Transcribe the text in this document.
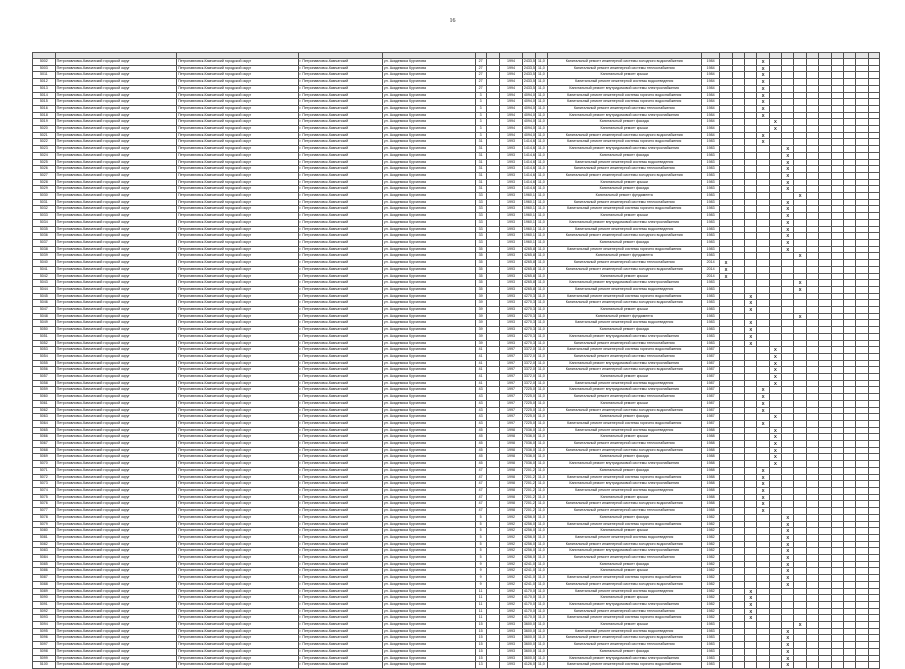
16

5002	Петропавловск-Камчатский городской округ	Петропавловск-Камчатский городской округ	г. Петропавловск-Камчатский	ул. Академика Курчатова	27		1994	2433,5	11,0	Капитальный ремонт инженерной системы холодного водоснабжения	1984				X									
5003	Петропавловск-Камчатский городской округ	Петропавловск-Камчатский городской округ	г. Петропавловск-Камчатский	ул. Академика Курчатова	27		1994	2433,5	11,0	Капитальный ремонт инженерной системы теплоснабжения	1984				X									
5011	Петропавловск-Камчатский городской округ	Петропавловск-Камчатский городской округ	г. Петропавловск-Камчатский	ул. Академика Курчатова	27		1994	2433,5	11,0	Капитальный ремонт крыши	1984				X									
5012	Петропавловск-Камчатский городской округ	Петропавловск-Камчатский городской округ	г. Петропавловск-Камчатский	ул. Академика Курчатова	27		1994	2433,5	11,0	Капитальный ремонт инженерной системы водоотведения	1984				X									
5013	Петропавловск-Камчатский городской округ	Петропавловск-Камчатский городской округ	г. Петропавловск-Камчатский	ул. Академика Курчатова	27		1994	2433,5	11,0	Капитальный ремонт внутридомовой системы электроснабжения	1984				X									
5014	Петропавловск-Камчатский городской округ	Петропавловск-Камчатский городской округ	г. Петропавловск-Камчатский	ул. Академика Курчатова	3		1994	4094,0	11,0	Капитальный ремонт инженерной системы горячего водоснабжения	1984				X									
5015	Петропавловск-Камчатский городской округ	Петропавловск-Камчатский городской округ	г. Петропавловск-Камчатский	ул. Академика Курчатова	3		1994	4094,0	11,0	Капитальный ремонт инженерной системы горячего водоснабжения	1984				X									
5016	Петропавловск-Камчатский городской округ	Петропавловск-Камчатский городской округ	г. Петропавловск-Камчатский	ул. Академика Курчатова	3		1994	4094,0	11,0	Капитальный ремонт инженерной системы теплоснабжения	1984				X									
5018	Петропавловск-Камчатский городской округ	Петропавловск-Камчатский городской округ	г. Петропавловск-Камчатский	ул. Академика Курчатова	3		1994	4094,0	11,0	Капитальный ремонт внутридомовой системы электроснабжения	1984				X									
5019	Петропавловск-Камчатский городской округ	Петропавловск-Камчатский городской округ	г. Петропавловск-Камчатский	ул. Академика Курчатова	3		1994	4094,0	11,0	Капитальный ремонт фасада	1984					X								
5020	Петропавловск-Камчатский городской округ	Петропавловск-Камчатский городской округ	г. Петропавловск-Камчатский	ул. Академика Курчатова	3		1994	4094,0	11,0	Капитальный ремонт крыши	1984					X								
5021	Петропавловск-Камчатский городской округ	Петропавловск-Камчатский городской округ	г. Петропавловск-Камчатский	ул. Академика Курчатова	3		1994	4094,0	11,0	Капитальный ремонт инженерной системы холодного водоснабжения	1984				X									
5022	Петропавловск-Камчатский городской округ	Петропавловск-Камчатский городской округ	г. Петропавловск-Камчатский	ул. Академика Курчатова	31		1993	1414,6	11,0	Капитальный ремонт инженерной системы горячего водоснабжения	1983				X									
5023	Петропавловск-Камчатский городской округ	Петропавловск-Камчатский городской округ	г. Петропавловск-Камчатский	ул. Академика Курчатова	31		1993	1414,6	11,0	Капитальный ремонт внутридомовой системы электроснабжения	1983						X							
5024	Петропавловск-Камчатский городской округ	Петропавловск-Камчатский городской округ	г. Петропавловск-Камчатский	ул. Академика Курчатова	31		1993	1414,6	11,0	Капитальный ремонт фасада	1983						X							
5025	Петропавловск-Камчатский городской округ	Петропавловск-Камчатский городской округ	г. Петропавловск-Камчатский	ул. Академика Курчатова	31		1993	1414,6	11,0	Капитальный ремонт инженерной системы водоотведения	1983						X							
5026	Петропавловск-Камчатский городской округ	Петропавловск-Камчатский городской округ	г. Петропавловск-Камчатский	ул. Академика Курчатова	31		1993	1414,6	11,0	Капитальный ремонт инженерной системы теплоснабжения	1983						X							
5027	Петропавловск-Камчатский городской округ	Петропавловск-Камчатский городской округ	г. Петропавловск-Камчатский	ул. Академика Курчатова	31		1993	1414,6	11,0	Капитальный ремонт инженерной системы холодного водоснабжения	1983						X							
5028	Петропавловск-Камчатский городской округ	Петропавловск-Камчатский городской округ	г. Петропавловск-Камчатский	ул. Академика Курчатова	31		1993	1414,6	11,0	Капитальный ремонт крыши	1983						X							
5029	Петропавловск-Камчатский городской округ	Петропавловск-Камчатский городской округ	г. Петропавловск-Камчатский	ул. Академика Курчатова	31		1993	1414,6	11,0	Капитальный ремонт фасада	1983						X							
5030	Петропавловск-Камчатский городской округ	Петропавловск-Камчатский городской округ	г. Петропавловск-Камчатский	ул. Академика Курчатова	33		1993	1960,1	11,0	Капитальный ремонт фундамента	1983							X						
5031	Петропавловск-Камчатский городской округ	Петропавловск-Камчатский городской округ	г. Петропавловск-Камчатский	ул. Академика Курчатова	33		1993	1960,1	11,0	Капитальный ремонт инженерной системы теплоснабжения	1983						X							
5032	Петропавловск-Камчатский городской округ	Петропавловск-Камчатский городской округ	г. Петропавловск-Камчатский	ул. Академика Курчатова	33		1993	1960,1	11,0	Капитальный ремонт инженерной системы горячего водоснабжения	1983						X							
5033	Петропавловск-Камчатский городской округ	Петропавловск-Камчатский городской округ	г. Петропавловск-Камчатский	ул. Академика Курчатова	33		1993	1960,1	11,0	Капитальный ремонт крыши	1983						X							
5034	Петропавловск-Камчатский городской округ	Петропавловск-Камчатский городской округ	г. Петропавловск-Камчатский	ул. Академика Курчатова	33		1993	1960,1	11,0	Капитальный ремонт внутридомовой системы электроснабжения	1983						X							
5035	Петропавловск-Камчатский городской округ	Петропавловск-Камчатский городской округ	г. Петропавловск-Камчатский	ул. Академика Курчатова	33		1993	1960,1	11,0	Капитальный ремонт инженерной системы водоотведения	1983						X							
5036	Петропавловск-Камчатский городской округ	Петропавловск-Камчатский городской округ	г. Петропавловск-Камчатский	ул. Академика Курчатова	33		1993	1960,1	11,0	Капитальный ремонт инженерной системы холодного водоснабжения	1983						X							
5037	Петропавловск-Камчатский городской округ	Петропавловск-Камчатский городской округ	г. Петропавловск-Камчатский	ул. Академика Курчатова	33		1993	1960,1	11,0	Капитальный ремонт фасада	1983						X							
5038	Петропавловск-Камчатский городской округ	Петропавловск-Камчатский городской округ	г. Петропавловск-Камчатский	ул. Академика Курчатова	35		1993	4265,8	11,0	Капитальный ремонт инженерной системы горячего водоснабжения	1983						X							
5039	Петропавловск-Камчатский городской округ	Петропавловск-Камчатский городской округ	г. Петропавловск-Камчатский	ул. Академика Курчатова	35		1993	4265,8	11,0	Капитальный ремонт фундамента	1983							X						
5040	Петропавловск-Камчатский городской округ	Петропавловск-Камчатский городской округ	г. Петропавловск-Камчатский	ул. Академика Курчатова	35		1993	4265,8	11,0	Капитальный ремонт инженерной системы теплоснабжения	2014	X												
5041	Петропавловск-Камчатский городской округ	Петропавловск-Камчатский городской округ	г. Петропавловск-Камчатский	ул. Академика Курчатова	35		1993	4265,8	11,0	Капитальный ремонт инженерной системы холодного водоснабжения	2014	X												
5042	Петропавловск-Камчатский городской округ	Петропавловск-Камчатский городской округ	г. Петропавловск-Камчатский	ул. Академика Курчатова	35		1993	4265,8	11,0	Капитальный ремонт крыши	2014	X												
5043	Петропавловск-Камчатский городской округ	Петропавловск-Камчатский городской округ	г. Петропавловск-Камчатский	ул. Академика Курчатова	35		1993	4265,8	11,0	Капитальный ремонт внутридомовой системы электроснабжения	1983							X						
5044	Петропавловск-Камчатский городской округ	Петропавловск-Камчатский городской округ	г. Петропавловск-Камчатский	ул. Академика Курчатова	35		1993	4265,8	11,0	Капитальный ремонт инженерной системы водоотведения	1983							X						
5045	Петропавловск-Камчатский городской округ	Петропавловск-Камчатский городской округ	г. Петропавловск-Камчатский	ул. Академика Курчатова	39		1993	4270,3	11,0	Капитальный ремонт инженерной системы горячего водоснабжения	1983			X										
5046	Петропавловск-Камчатский городской округ	Петропавловск-Камчатский городской округ	г. Петропавловск-Камчатский	ул. Академика Курчатова	39		1993	4270,3	11,0	Капитальный ремонт инженерной системы холодного водоснабжения	1983			X										
5047	Петропавловск-Камчатский городской округ	Петропавловск-Камчатский городской округ	г. Петропавловск-Камчатский	ул. Академика Курчатова	39		1993	4270,3	11,0	Капитальный ремонт крыши	1983			X										
5048	Петропавловск-Камчатский городской округ	Петропавловск-Камчатский городской округ	г. Петропавловск-Камчатский	ул. Академика Курчатова	39		1993	4270,3	11,0	Капитальный ремонт фундамента	1983							X						
5049	Петропавловск-Камчатский городской округ	Петропавловск-Камчатский городской округ	г. Петропавловск-Камчатский	ул. Академика Курчатова	39		1993	4270,3	11,0	Капитальный ремонт инженерной системы водоотведения	1983			X										
5050	Петропавловск-Камчатский городской округ	Петропавловск-Камчатский городской округ	г. Петропавловск-Камчатский	ул. Академика Курчатова	39		1993	4270,3	11,0	Капитальный ремонт фасада	1983			X										
5051	Петропавловск-Камчатский городской округ	Петропавловск-Камчатский городской округ	г. Петропавловск-Камчатский	ул. Академика Курчатова	39		1993	4270,3	11,0	Капитальный ремонт внутридомовой системы электроснабжения	1983			X										
5052	Петропавловск-Камчатский городской округ	Петропавловск-Камчатский городской округ	г. Петропавловск-Камчатский	ул. Академика Курчатова	39		1993	4270,3	11,0	Капитальный ремонт инженерной системы теплоснабжения	1983			X										
5053	Петропавловск-Камчатский городской округ	Петропавловск-Камчатский городской округ	г. Петропавловск-Камчатский	ул. Академика Курчатова	41		1997	3372,0	11,0	Капитальный ремонт инженерной системы горячего водоснабжения	1987					X								
5054	Петропавловск-Камчатский городской округ	Петропавловск-Камчатский городской округ	г. Петропавловск-Камчатский	ул. Академика Курчатова	41		1997	3372,0	11,0	Капитальный ремонт инженерной системы теплоснабжения	1987					X								
5055	Петропавловск-Камчатский городской округ	Петропавловск-Камчатский городской округ	г. Петропавловск-Камчатский	ул. Академика Курчатова	41		1997	3372,0	11,0	Капитальный ремонт внутридомовой системы электроснабжения	1987					X								
5056	Петропавловск-Камчатский городской округ	Петропавловск-Камчатский городской округ	г. Петропавловск-Камчатский	ул. Академика Курчатова	41		1997	3372,0	11,0	Капитальный ремонт инженерной системы холодного водоснабжения	1987					X								
5057	Петропавловск-Камчатский городской округ	Петропавловск-Камчатский городской округ	г. Петропавловск-Камчатский	ул. Академика Курчатова	41		1997	3372,0	11,0	Капитальный ремонт крыши	1987					X								
5058	Петропавловск-Камчатский городской округ	Петропавловск-Камчатский городской округ	г. Петропавловск-Камчатский	ул. Академика Курчатова	41		1997	3372,0	11,0	Капитальный ремонт инженерной системы водоотведения	1987					X								
5059	Петропавловск-Камчатский городской округ	Петропавловск-Камчатский городской округ	г. Петропавловск-Камчатский	ул. Академика Курчатова	43		1997	7225,0	11,0	Капитальный ремонт внутридомовой системы электроснабжения	1987				X									
5060	Петропавловск-Камчатский городской округ	Петропавловск-Камчатский городской округ	г. Петропавловск-Камчатский	ул. Академика Курчатова	43		1997	7225,0	11,0	Капитальный ремонт инженерной системы теплоснабжения	1987				X									
5061	Петропавловск-Камчатский городской округ	Петропавловск-Камчатский городской округ	г. Петропавловск-Камчатский	ул. Академика Курчатова	43		1997	7225,0	11,0	Капитальный ремонт крыши	1987				X									
5062	Петропавловск-Камчатский городской округ	Петропавловск-Камчатский городской округ	г. Петропавловск-Камчатский	ул. Академика Курчатова	43		1997	7225,0	11,0	Капитальный ремонт инженерной системы холодного водоснабжения	1987				X									
5063	Петропавловск-Камчатский городской округ	Петропавловск-Камчатский городской округ	г. Петропавловск-Камчатский	ул. Академика Курчатова	43		1997	7225,0	11,0	Капитальный ремонт фасада	1987					X								
5064	Петропавловск-Камчатский городской округ	Петропавловск-Камчатский городской округ	г. Петропавловск-Камчатский	ул. Академика Курчатова	43		1997	7225,0	11,0	Капитальный ремонт инженерной системы горячего водоснабжения	1987				X									
5065	Петропавловск-Камчатский городской округ	Петропавловск-Камчатский городской округ	г. Петропавловск-Камчатский	ул. Академика Курчатова	45		1998	7036,0	11,0	Капитальный ремонт инженерной системы водоотведения	1988					X								
5066	Петропавловск-Камчатский городской округ	Петропавловск-Камчатский городской округ	г. Петропавловск-Камчатский	ул. Академика Курчатова	45		1998	7036,0	11,0	Капитальный ремонт крыши	1988					X								
5067	Петропавловск-Камчатский городской округ	Петропавловск-Камчатский городской округ	г. Петропавловск-Камчатский	ул. Академика Курчатова	45		1998	7036,0	11,0	Капитальный ремонт инженерной системы теплоснабжения	1988					X								
5068	Петропавловск-Камчатский городской округ	Петропавловск-Камчатский городской округ	г. Петропавловск-Камчатский	ул. Академика Курчатова	45		1998	7036,0	11,0	Капитальный ремонт инженерной системы холодного водоснабжения	1988					X								
5069	Петропавловск-Камчатский городской округ	Петропавловск-Камчатский городской округ	г. Петропавловск-Камчатский	ул. Академика Курчатова	45		1998	7036,0	11,0	Капитальный ремонт фасада	1988					X								
5070	Петропавловск-Камчатский городской округ	Петропавловск-Камчатский городской округ	г. Петропавловск-Камчатский	ул. Академика Курчатова	45		1998	7036,0	11,0	Капитальный ремонт внутридомовой системы электроснабжения	1988					X								
5071	Петропавловск-Камчатский городской округ	Петропавловск-Камчатский городской округ	г. Петропавловск-Камчатский	ул. Академика Курчатова	47		1998	7201,2	11,0	Капитальный ремонт фасада	1988				X									
5072	Петропавловск-Камчатский городской округ	Петропавловск-Камчатский городской округ	г. Петропавловск-Камчатский	ул. Академика Курчатова	47		1998	7201,2	11,0	Капитальный ремонт инженерной системы горячего водоснабжения	1988				X									
5073	Петропавловск-Камчатский городской округ	Петропавловск-Камчатский городской округ	г. Петропавловск-Камчатский	ул. Академика Курчатова	47		1998	7201,2	11,0	Капитальный ремонт внутридомовой системы электроснабжения	1988				X									
5074	Петропавловск-Камчатский городской округ	Петропавловск-Камчатский городской округ	г. Петропавловск-Камчатский	ул. Академика Курчатова	47		1998	7201,2	11,0	Капитальный ремонт инженерной системы водоотведения	1988				X									
5075	Петропавловск-Камчатский городской округ	Петропавловск-Камчатский городской округ	г. Петропавловск-Камчатский	ул. Академика Курчатова	47		1998	7201,2	11,0	Капитальный ремонт крыши	1988				X									
5076	Петропавловск-Камчатский городской округ	Петропавловск-Камчатский городской округ	г. Петропавловск-Камчатский	ул. Академика Курчатова	47		1998	7201,2	11,0	Капитальный ремонт инженерной системы холодного водоснабжения	1988				X									
5077	Петропавловск-Камчатский городской округ	Петропавловск-Камчатский городской округ	г. Петропавловск-Камчатский	ул. Академика Курчатова	47		1998	7201,2	11,0	Капитальный ремонт инженерной системы теплоснабжения	1988				X									
5078	Петропавловск-Камчатский городской округ	Петропавловск-Камчатский городской округ	г. Петропавловск-Камчатский	ул. Академика Курчатова	5		1992	4256,0	11,0	Капитальный ремонт фасада	1982						X							
5079	Петропавловск-Камчатский городской округ	Петропавловск-Камчатский городской округ	г. Петропавловск-Камчатский	ул. Академика Курчатова	5		1992	4256,0	11,0	Капитальный ремонт инженерной системы горячего водоснабжения	1982						X							
5080	Петропавловск-Камчатский городской округ	Петропавловск-Камчатский городской округ	г. Петропавловск-Камчатский	ул. Академика Курчатова	5		1992	4256,0	11,0	Капитальный ремонт крыши	1982						X							
5081	Петропавловск-Камчатский городской округ	Петропавловск-Камчатский городской округ	г. Петропавловск-Камчатский	ул. Академика Курчатова	5		1992	4256,0	11,0	Капитальный ремонт инженерной системы водоотведения	1982						X							
5082	Петропавловск-Камчатский городской округ	Петропавловск-Камчатский городской округ	г. Петропавловск-Камчатский	ул. Академика Курчатова	5		1992	4256,0	11,0	Капитальный ремонт инженерной системы холодного водоснабжения	1982						X							
5083	Петропавловск-Камчатский городской округ	Петропавловск-Камчатский городской округ	г. Петропавловск-Камчатский	ул. Академика Курчатова	5		1992	4256,0	11,0	Капитальный ремонт внутридомовой системы электроснабжения	1982						X							
5084	Петропавловск-Камчатский городской округ	Петропавловск-Камчатский городской округ	г. Петропавловск-Камчатский	ул. Академика Курчатова	5		1992	4256,0	11,0	Капитальный ремонт инженерной системы теплоснабжения	1982						X							
5085	Петропавловск-Камчатский городской округ	Петропавловск-Камчатский городской округ	г. Петропавловск-Камчатский	ул. Академика Курчатова	9		1992	4241,0	11,0	Капитальный ремонт фасада	1982						X							
5086	Петропавловск-Камчатский городской округ	Петропавловск-Камчатский городской округ	г. Петропавловск-Камчатский	ул. Академика Курчатова	9		1992	4241,0	11,0	Капитальный ремонт крыши	1982						X							
5087	Петропавловск-Камчатский городской округ	Петропавловск-Камчатский городской округ	г. Петропавловск-Камчатский	ул. Академика Курчатова	9		1992	4241,0	11,0	Капитальный ремонт инженерной системы горячего водоснабжения	1982						X							
5088	Петропавловск-Камчатский городской округ	Петропавловск-Камчатский городской округ	г. Петропавловск-Камчатский	ул. Академика Курчатова	9		1992	4241,0	11,0	Капитальный ремонт инженерной системы холодного водоснабжения	1982						X							
5089	Петропавловск-Камчатский городской округ	Петропавловск-Камчатский городской округ	г. Петропавловск-Камчатский	ул. Академика Курчатова	11		1992	4170,0	11,0	Капитальный ремонт инженерной системы водоотведения	1982			X										
5090	Петропавловск-Камчатский городской округ	Петропавловск-Камчатский городской округ	г. Петропавловск-Камчатский	ул. Академика Курчатова	11		1992	4170,0	11,0	Капитальный ремонт крыши	1982			X										
5091	Петропавловск-Камчатский городской округ	Петропавловск-Камчатский городской округ	г. Петропавловск-Камчатский	ул. Академика Курчатова	11		1992	4170,0	11,0	Капитальный ремонт внутридомовой системы электроснабжения	1982			X										
5092	Петропавловск-Камчатский городской округ	Петропавловск-Камчатский городской округ	г. Петропавловск-Камчатский	ул. Академика Курчатова	11		1992	4170,0	11,0	Капитальный ремонт инженерной системы теплоснабжения	1982			X										
5093	Петропавловск-Камчатский городской округ	Петропавловск-Камчатский городской округ	г. Петропавловск-Камчатский	ул. Академика Курчатова	11		1992	4170,0	11,0	Капитальный ремонт инженерной системы горячего водоснабжения	1982			X										
5094	Петропавловск-Камчатский городской округ	Петропавловск-Камчатский городской округ	г. Петропавловск-Камчатский	ул. Академика Курчатова	15		1993	3600,0	11,0	Капитальный ремонт крыши	1983							X						
5095	Петропавловск-Камчатский городской округ	Петропавловск-Камчатский городской округ	г. Петропавловск-Камчатский	ул. Академика Курчатова	15		1993	3600,0	11,0	Капитальный ремонт инженерной системы водоотведения	1983						X							
5096	Петропавловск-Камчатский городской округ	Петропавловск-Камчатский городской округ	г. Петропавловск-Камчатский	ул. Академика Курчатова	15		1993	3600,0	11,0	Капитальный ремонт инженерной системы холодного водоснабжения	1983						X							
5097	Петропавловск-Камчатский городской округ	Петропавловск-Камчатский городской округ	г. Петропавловск-Камчатский	ул. Академика Курчатова	15		1993	3600,0	11,0	Капитальный ремонт инженерной системы теплоснабжения	1983						X							
5098	Петропавловск-Камчатский городской округ	Петропавловск-Камчатский городской округ	г. Петропавловск-Камчатский	ул. Академика Курчатова	15		1993	3600,0	11,0	Капитальный ремонт фасада	1983						X							
5099	Петропавловск-Камчатский городской округ	Петропавловск-Камчатский городской округ	г. Петропавловск-Камчатский	ул. Академика Курчатова	15		1993	3600,0	11,0	Капитальный ремонт внутридомовой системы электроснабжения	1983						X							
5100	Петропавловск-Камчатский городской округ	Петропавловск-Камчатский городской округ	г. Петропавловск-Камчатский	ул. Академика Курчатова	13		1993	4126,0	11,0	Капитальный ремонт инженерной системы горячего водоснабжения	1983						X							
